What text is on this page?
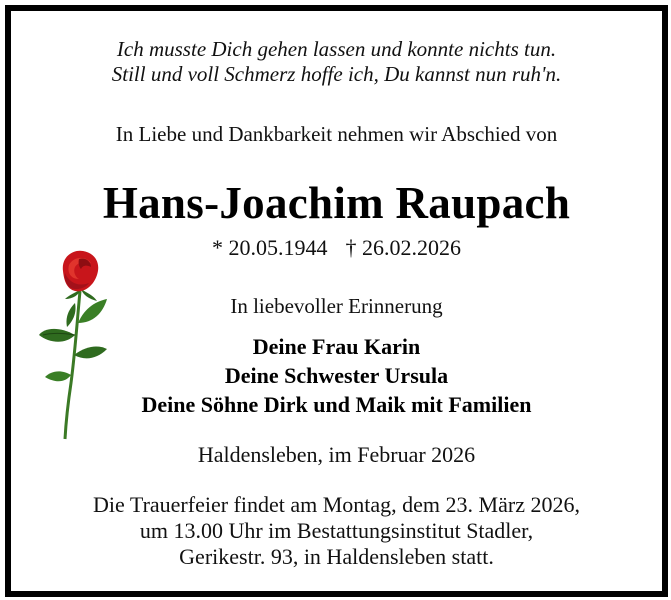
Ich musste Dich gehen lassen und konnte nichts tun.
Still und voll Schmerz hoffe ich, Du kannst nun ruh'n.
In Liebe und Dankbarkeit nehmen wir Abschied von
Hans-Joachim Raupach
* 20.05.1944 † 26.02.2026
In liebevoller Erinnerung
Deine Frau Karin
Deine Schwester Ursula
Deine Söhne Dirk und Maik mit Familien
Haldensleben, im Februar 2026
Die Trauerfeier findet am Montag, dem 23. März 2026,
um 13.00 Uhr im Bestattungsinstitut Stadler,
Gerikestr. 93, in Haldensleben statt.
